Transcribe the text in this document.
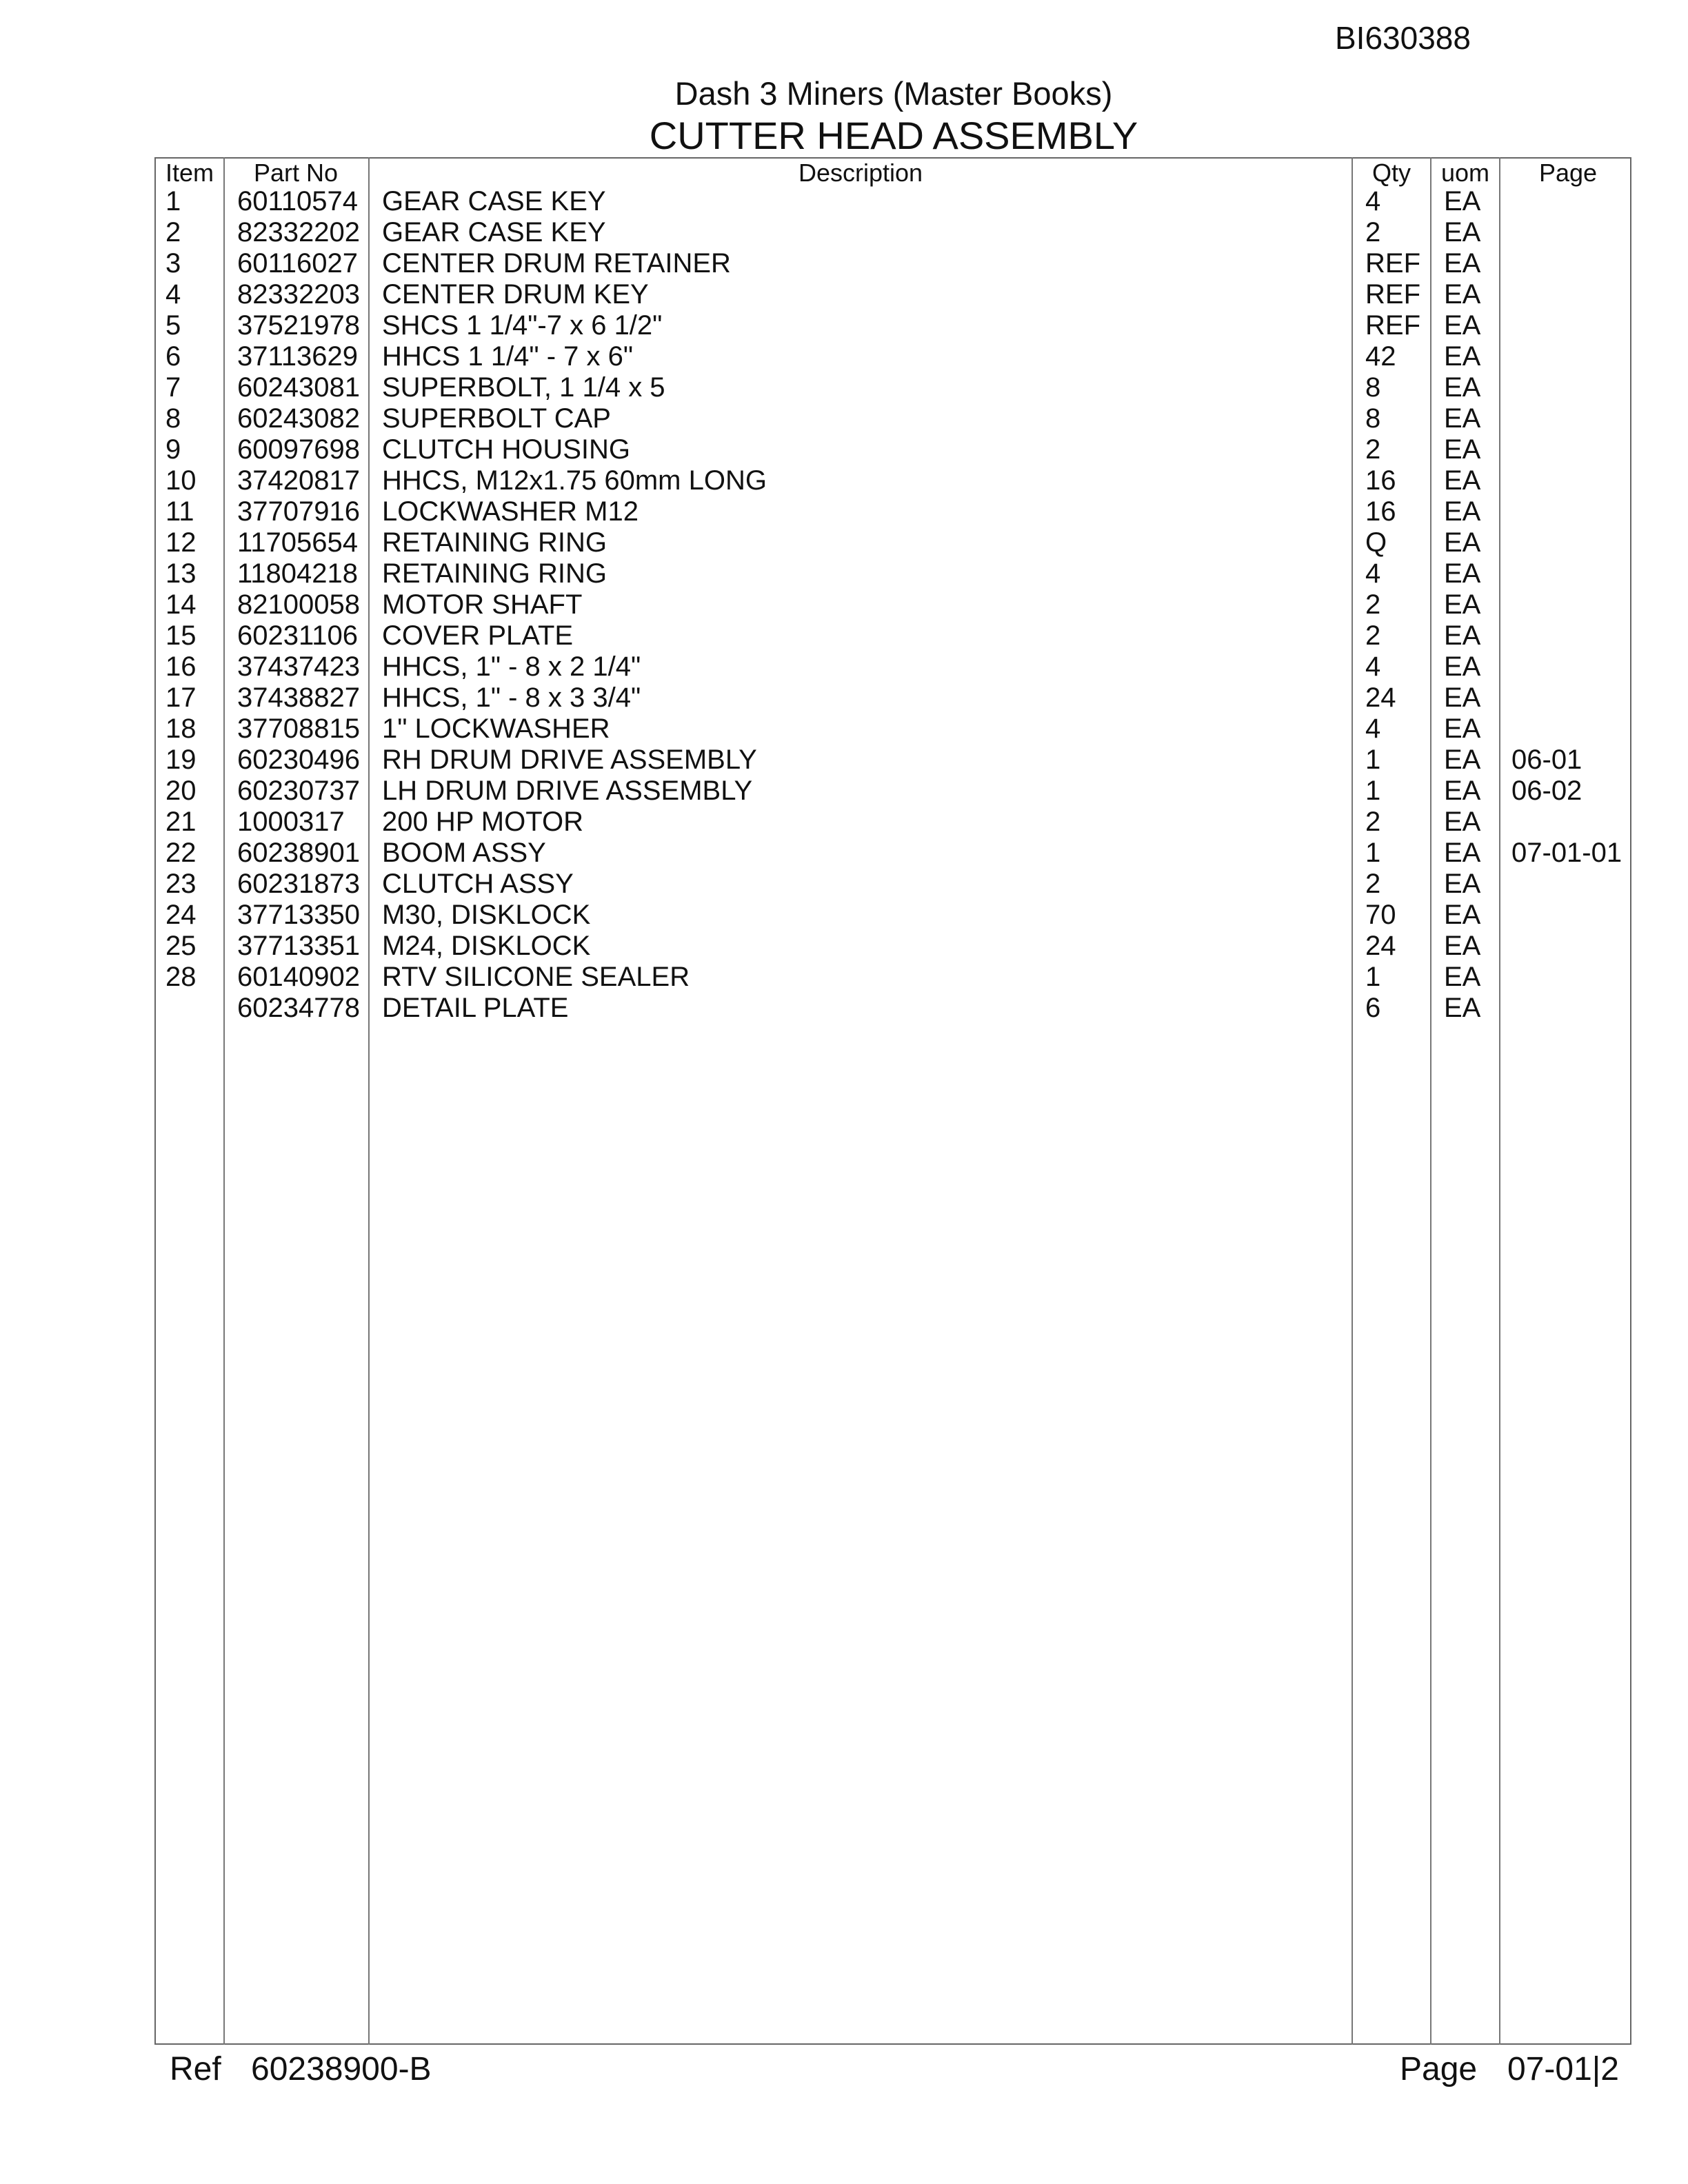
BI630388
Dash 3 Miners (Master Books)
CUTTER HEAD ASSEMBLY
Item Part No	Description	Qty uom Page
1 60110574 GEAR CASE KEY	4 EA
2 82332202 GEAR CASE KEY	2 EA
3 60116027 CENTER DRUM RETAINER	REF EA
4 82332203 CENTER DRUM KEY	REF EA
5 37521978 SHCS 1 1/4"-7 x 6 1/2"	REF EA
6 37113629 HHCS 1 1/4" - 7 x 6"	42 EA
7 60243081 SUPERBOLT, 1 1/4 x 5	8 EA
8 60243082 SUPERBOLT CAP	8 EA
9 60097698 CLUTCH HOUSING	2 EA
10 37420817 HHCS, M12x1.75 60mm LONG	16 EA
11 37707916 LOCKWASHER M12	16 EA
12 11705654 RETAINING RING	Q EA
13 11804218 RETAINING RING	4 EA
14 82100058 MOTOR SHAFT	2 EA
15 60231106 COVER PLATE	2 EA
16 37437423 HHCS, 1" - 8 x 2 1/4"	4 EA
17 37438827 HHCS, 1" - 8 x 3 3/4"	24 EA
18 37708815 1" LOCKWASHER	4 EA
19 60230496 RH DRUM DRIVE ASSEMBLY	1 EA 06-01
20 60230737 LH DRUM DRIVE ASSEMBLY	1 EA 06-02
21 1000317 200 HP MOTOR	2 EA
22 60238901 BOOM ASSY	1 EA 07-01-01
23 60231873 CLUTCH ASSY	2 EA
24 37713350 M30, DISKLOCK	70 EA
25 37713351 M24, DISKLOCK	24 EA
28 60140902 RTV SILICONE SEALER	1 EA
60234778 DETAIL PLATE	6 EA
Ref 60238900-B	Page 07-01|2
